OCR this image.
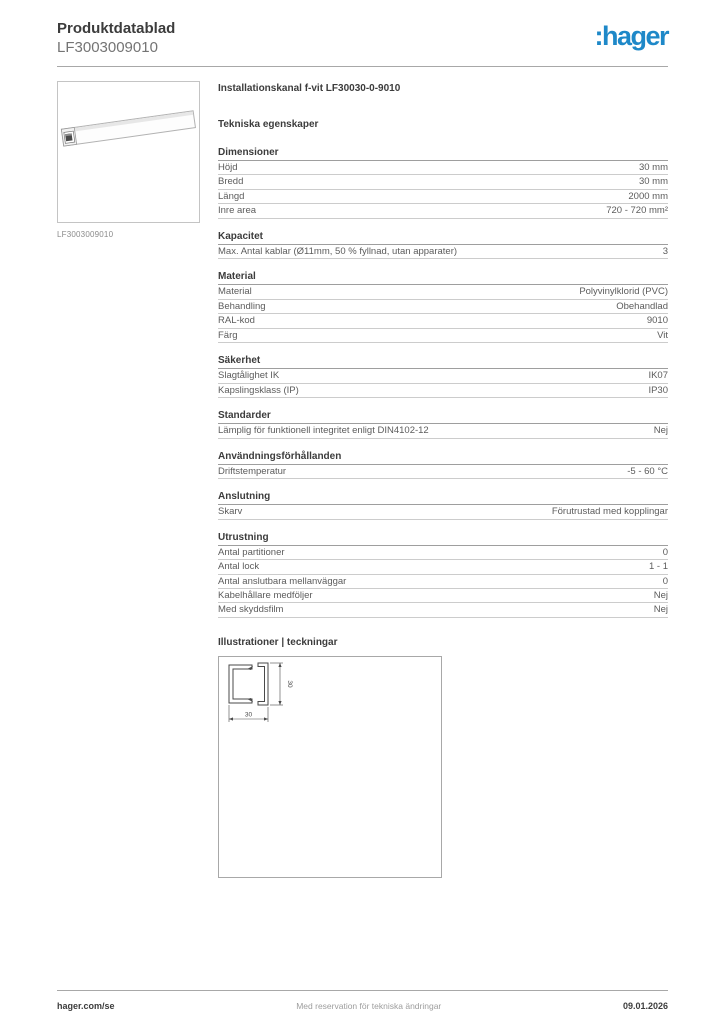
Produktdatablad
LF3003009010	:hager
LF3003009010
Installationskanal f-vit LF30030-0-9010
Tekniska egenskaper
Dimensioner
Höjd	30 mm
Bredd	30 mm
Längd	2000 mm
Inre area	720 - 720 mm²
Kapacitet
Max. Antal kablar (Ø11mm, 50 % fyllnad, utan apparater)	3
Material
Material	Polyvinylklorid (PVC)
Behandling	Obehandlad
RAL-kod	9010
Färg	Vit
Säkerhet
Slagtålighet IK	IK07
Kapslingsklass (IP)	IP30
Standarder
Lämplig för funktionell integritet enligt DIN4102-12	Nej
Användningsförhållanden
Driftstemperatur	-5 - 60 °C
Anslutning
Skarv	Förutrustad med kopplingar
Utrustning
Antal partitioner	0
Antal lock	1 - 1
Antal anslutbara mellanväggar	0
Kabelhållare medföljer	Nej
Med skyddsfilm	Nej
Illustrationer | teckningar
30
30
hager.com/se	Med reservation för tekniska ändringar	09.01.2026
